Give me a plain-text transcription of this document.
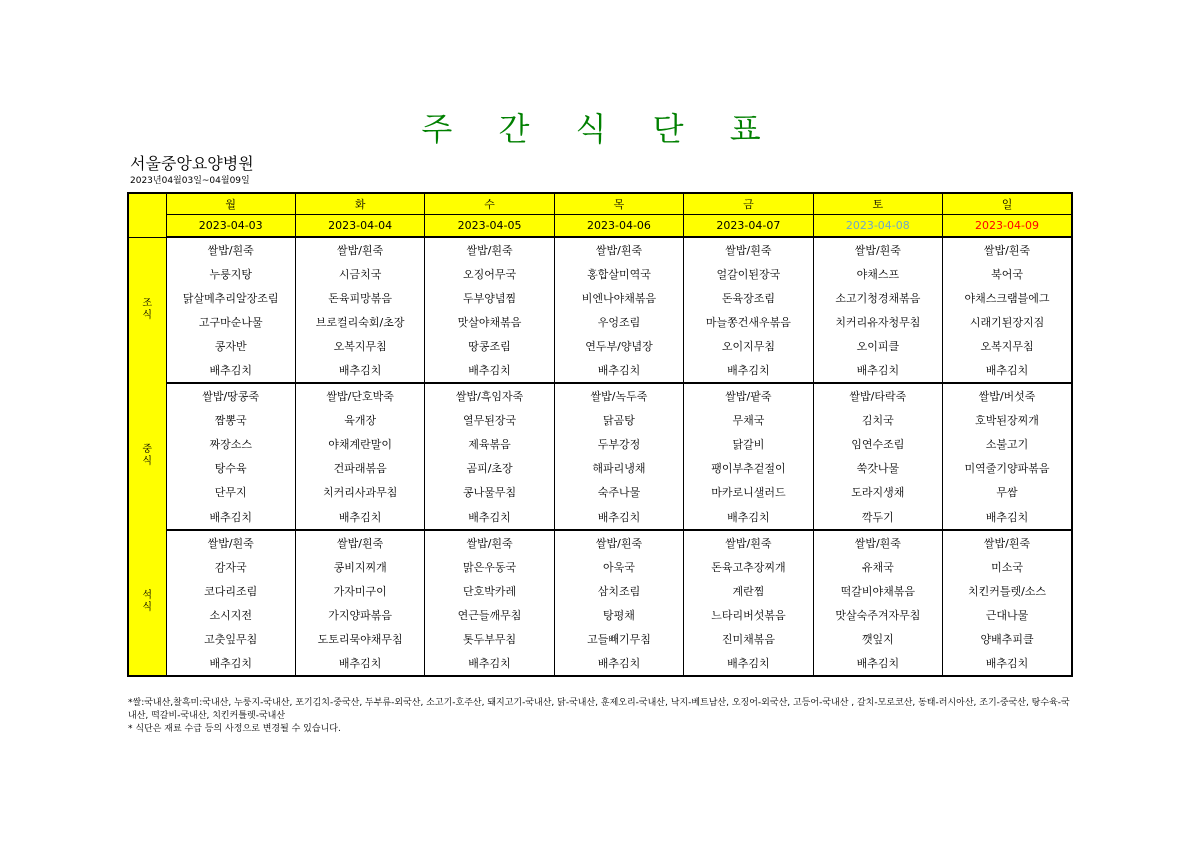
주 간 식 단 표
서울중앙요양병원
2023년04월03일~04월09일
	월	화	수	목	금	토	일
	2023-04-03	2023-04-04	2023-04-05	2023-04-06	2023-04-07	2023-04-08	2023-04-09
조식	쌀밥/흰죽	쌀밥/흰죽	쌀밥/흰죽	쌀밥/흰죽	쌀밥/흰죽	쌀밥/흰죽	쌀밥/흰죽
	누룽지탕	시금치국	오징어무국	홍합살미역국	얼갈이된장국	야채스프	북어국
	닭살메추리알장조림	돈육피망볶음	두부양념찜	비엔나야채볶음	돈육장조림	소고기청경채볶음	야채스크램블에그
	고구마순나물	브로컬리숙회/초장	맛살야채볶음	우엉조림	마늘쫑건새우볶음	치커리유자청무침	시래기된장지짐
	콩자반	오복지무침	땅콩조림	연두부/양념장	오이지무침	오이피클	오복지무침
	배추김치	배추김치	배추김치	배추김치	배추김치	배추김치	배추김치
중식	쌀밥/땅콩죽	쌀밥/단호박죽	쌀밥/흑임자죽	쌀밥/녹두죽	쌀밥/팥죽	쌀밥/타락죽	쌀밥/버섯죽
	짬뽕국	육개장	열무된장국	닭곰탕	무채국	김치국	호박된장찌개
	짜장소스	야채계란말이	제육볶음	두부강정	닭갈비	임연수조림	소불고기
	탕수육	건파래볶음	곰피/초장	해파리냉채	팽이부추겉절이	쑥갓나물	미역줄기양파볶음
	단무지	치커리사과무침	콩나물무침	숙주나물	마카로니샐러드	도라지생채	무쌈
	배추김치	배추김치	배추김치	배추김치	배추김치	깍두기	배추김치
석식	쌀밥/흰죽	쌀밥/흰죽	쌀밥/흰죽	쌀밥/흰죽	쌀밥/흰죽	쌀밥/흰죽	쌀밥/흰죽
	감자국	콩비지찌개	맑은우동국	아욱국	돈육고추장찌개	유채국	미소국
	코다리조림	가자미구이	단호박카레	삼치조림	계란찜	떡갈비야채볶음	치킨커틀렛/소스
	소시지전	가지양파볶음	연근들깨무침	탕평채	느타리버섯볶음	맛살숙주겨자무침	근대나물
	고춧잎무침	도토리묵야채무침	톳두부무침	고들빼기무침	진미채볶음	깻잎지	양배추피클
	배추김치	배추김치	배추김치	배추김치	배추김치	배추김치	배추김치
*쌀:국내산,찰흑미:국내산, 누룽지-국내산, 포기김치-중국산, 두부류-외국산, 소고기-호주산, 돼지고기-국내산, 닭-국내산, 훈제오리-국내산, 낙지-베트남산, 오징어-외국산, 고등어-국내산 , 갈치-모로코산, 동태-러시아산, 조기-중국산, 탕수육-국내산, 떡갈비-국내산, 치킨커틀렛-국내산
* 식단은 재료 수급 등의 사정으로 변경될 수 있습니다.
